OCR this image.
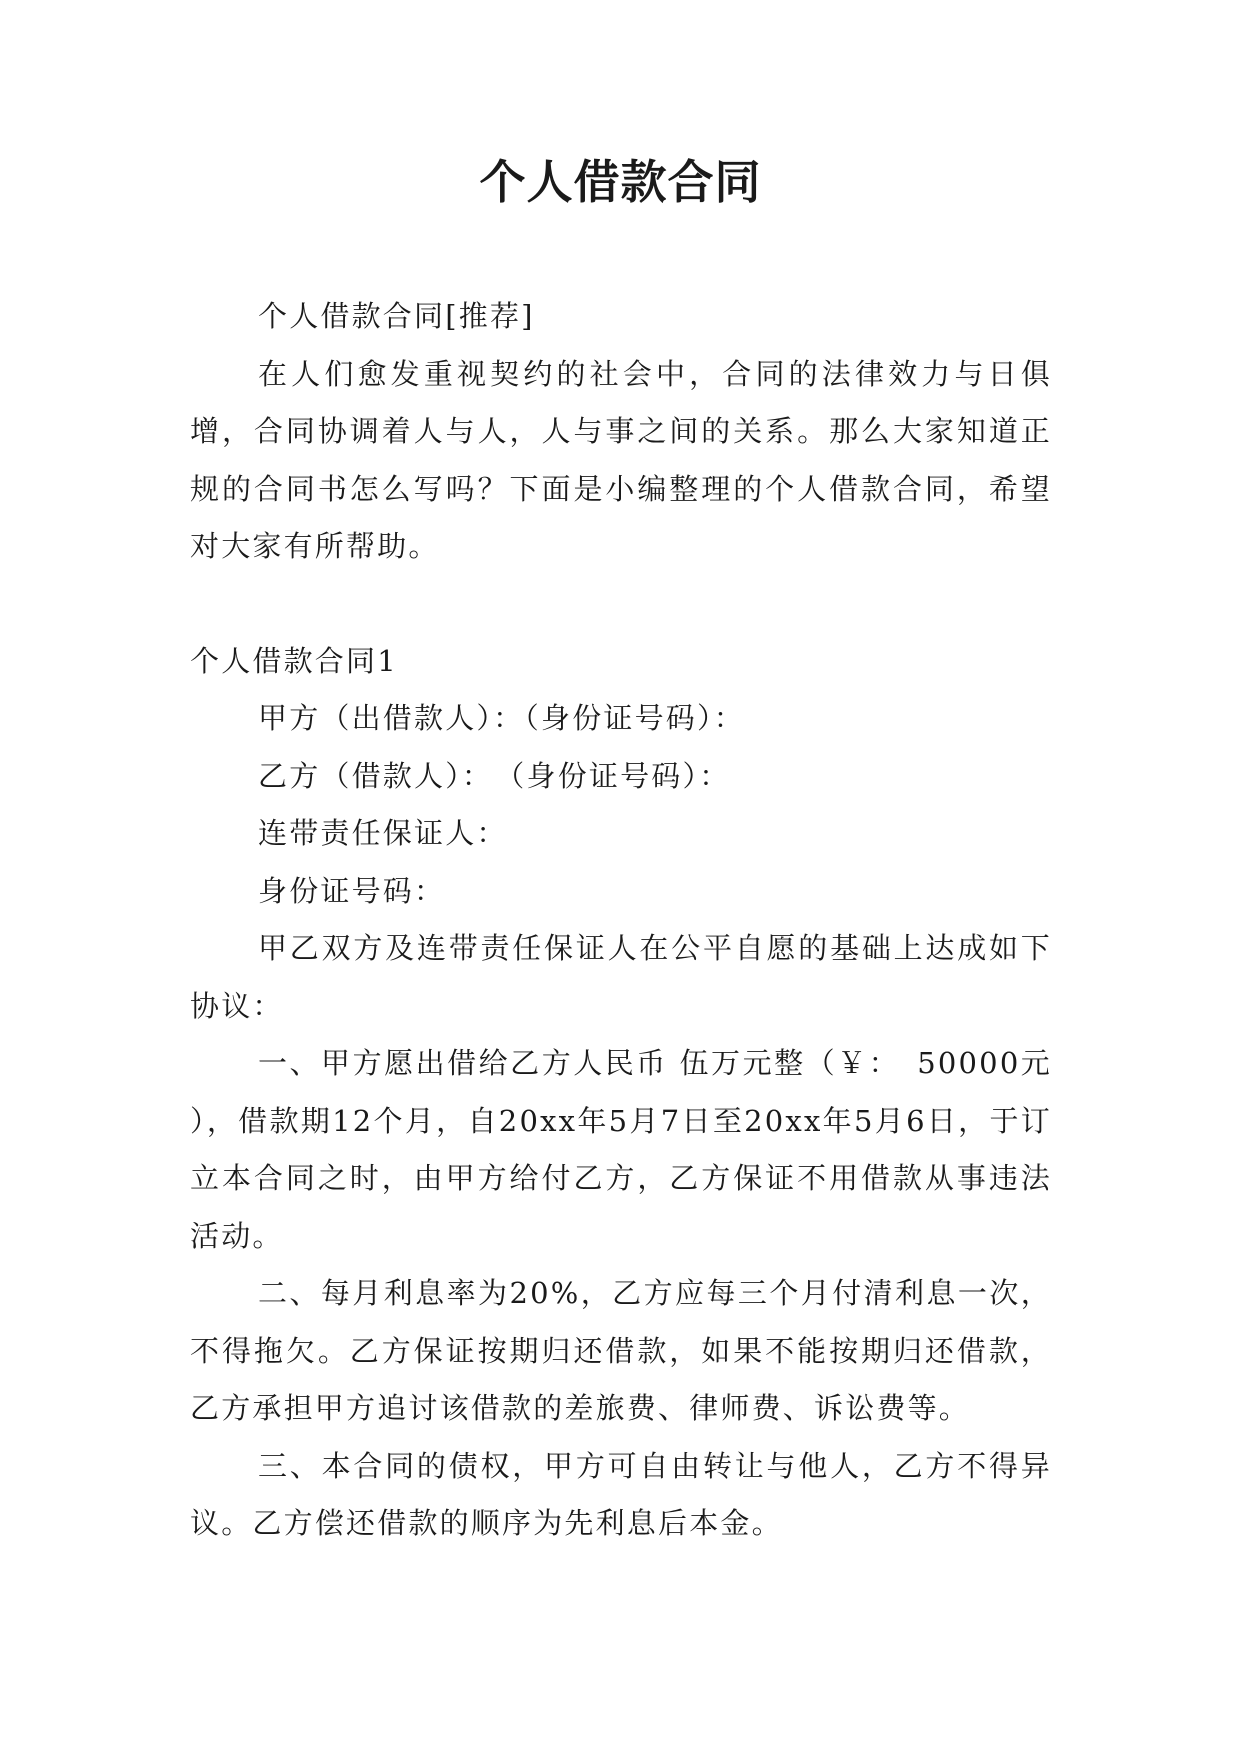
个人借款合同

个人借款合同[推荐]

在人们愈发重视契约的社会中，合同的法律效力与日俱增，合同协调着人与人，人与事之间的关系。那么大家知道正规的合同书怎么写吗？下面是小编整理的个人借款合同，希望对大家有所帮助。

个人借款合同1

甲方（出借款人）：（身份证号码）：

乙方（借款人）：　（身份证号码）：

连带责任保证人：

身份证号码：

甲乙双方及连带责任保证人在公平自愿的基础上达成如下协议：

一、甲方愿出借给乙方人民币 伍万元整（￥：　50000元 ），借款期12个月，自20xx年5月7日至20xx年5月6日，于订立本合同之时，由甲方给付乙方，乙方保证不用借款从事违法活动。

二、每月利息率为20%，乙方应每三个月付清利息一次，不得拖欠。乙方保证按期归还借款，如果不能按期归还借款，乙方承担甲方追讨该借款的差旅费、律师费、诉讼费等。

三、本合同的债权，甲方可自由转让与他人，乙方不得异议。乙方偿还借款的顺序为先利息后本金。
